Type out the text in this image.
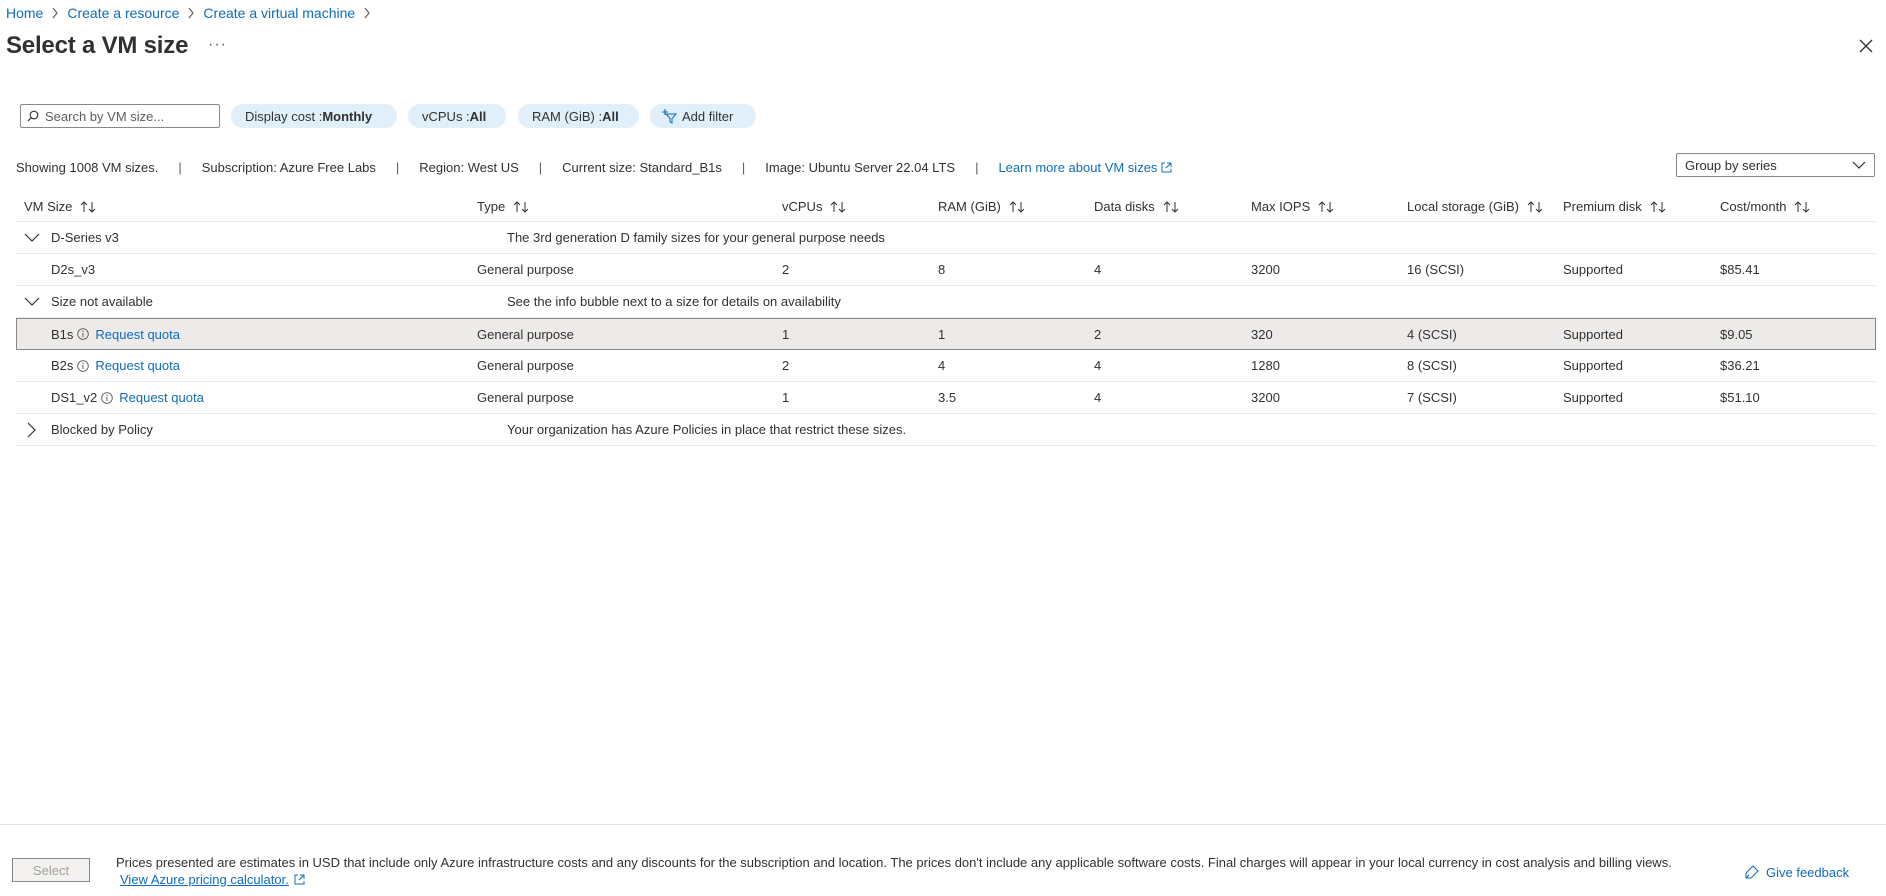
Home Create a resource Create a virtual machine
Select a VM size ···
Search by VM size...
Display cost : Monthly	vCPUs : All	RAM (GiB) : All	Add filter
Showing 1008 VM sizes. | Subscription: Azure Free Labs | Region: West US | Current size: Standard_B1s | Image: Ubuntu Server 22.04 LTS | Learn more about VM sizes	Group by series
VM Size	Type	vCPUs	RAM (GiB)	Data disks	Max IOPS	Local storage (GiB)	Premium disk	Cost/month
D-Series v3	The 3rd generation D family sizes for your general purpose needs
D2s_v3	General purpose	2	8	4	3200	16 (SCSI)	Supported	$85.41
Size not available	See the info bubble next to a size for details on availability
B1s Request quota	General purpose	1	1	2	320	4 (SCSI)	Supported	$9.05
B2s Request quota	General purpose	2	4	4	1280	8 (SCSI)	Supported	$36.21
DS1_v2 Request quota	General purpose	1	3.5	4	3200	7 (SCSI)	Supported	$51.10
Blocked by Policy	Your organization has Azure Policies in place that restrict these sizes.
Select	Prices presented are estimates in USD that include only Azure infrastructure costs and any discounts for the subscription and location. The prices don't include any applicable software costs. Final charges will appear in your local currency in cost analysis and billing views.
View Azure pricing calculator.	Give feedback
